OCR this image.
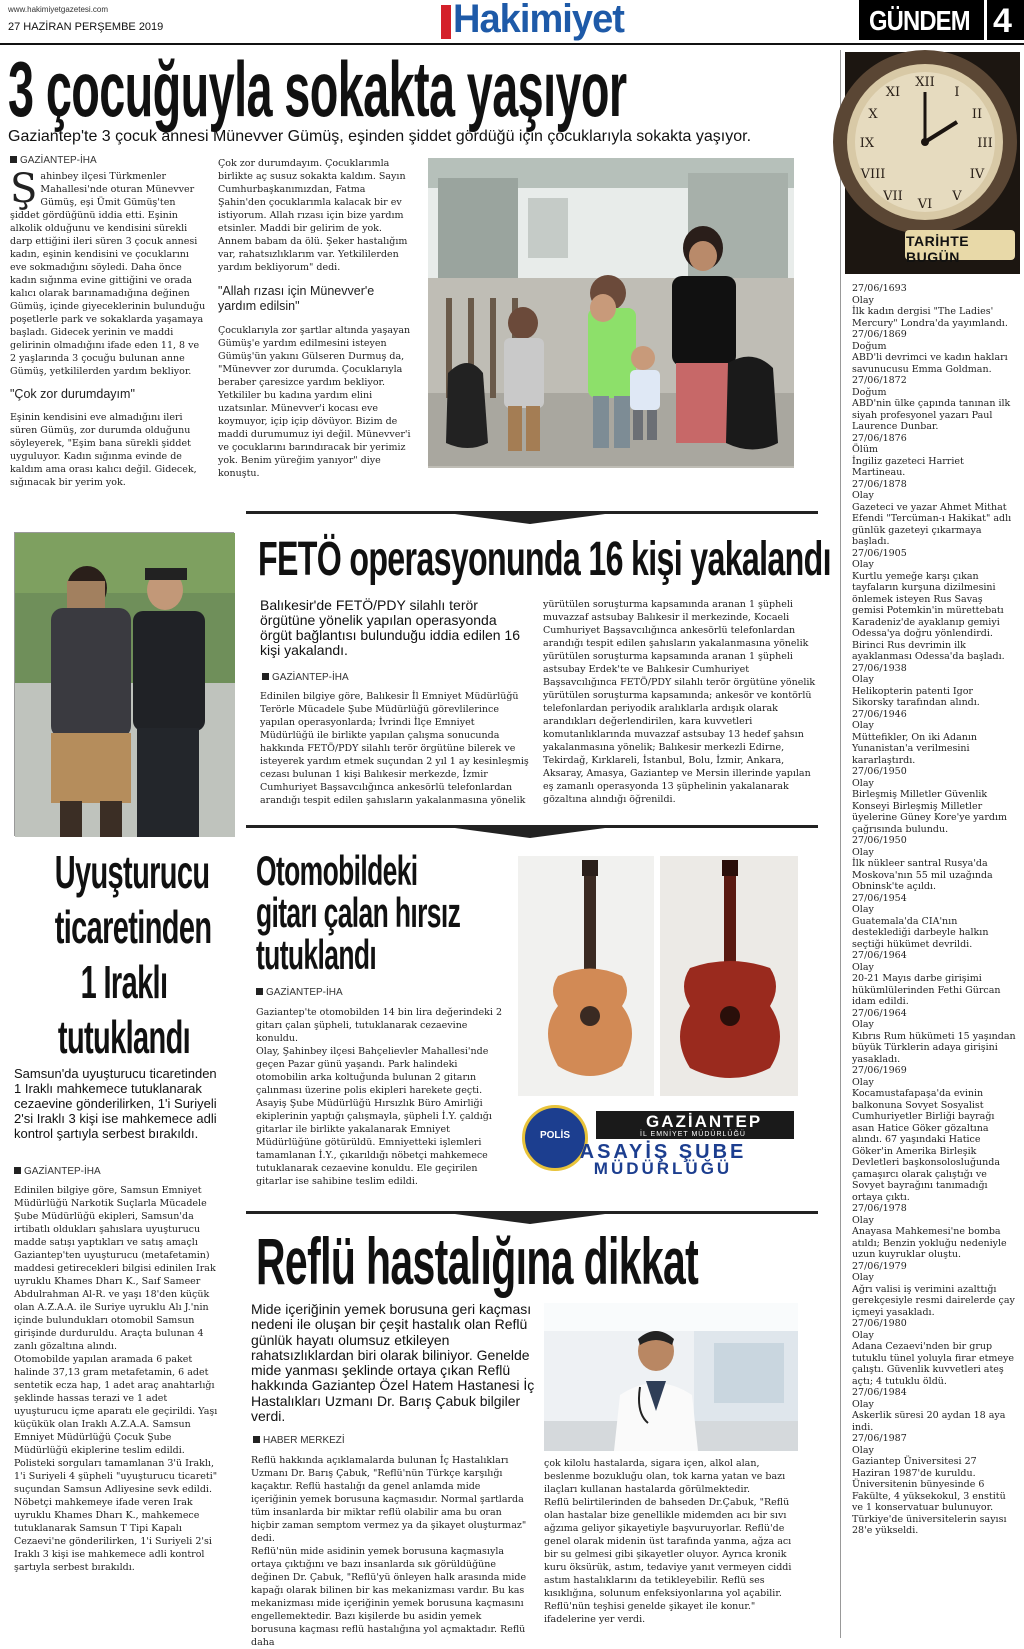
www.hakimiyetgazetesi.com
27 HAZİRAN PERŞEMBE 2019	Hakimiyet	GÜNDEM 4
3 çocuğuyla sokakta yaşıyor
Gaziantep'te 3 çocuk annesi Münevver Gümüş, eşinden şiddet gördüğü için çocuklarıyla sokakta yaşıyor.
GAZİANTEP-İHA
Ş ahinbey ilçesi Türkmenler Mahallesi'nde oturan Münevver Gümüş, eşi Ümit Gümüş'ten şiddet gördüğünü iddia etti. Eşinin alkolik olduğunu ve kendisini sürekli darp ettiğini ileri süren 3 çocuk annesi kadın, eşinin kendisini ve çocuklarını eve sokmadığını söyledi. Daha önce kadın sığınma evine gittiğini ve orada kalıcı olarak barınamadığına değinen Gümüş, içinde giyeceklerinin bulunduğu poşetlerle park ve sokaklarda yaşamaya başladı. Gidecek yerinin ve maddi gelirinin olmadığını ifade eden 11, 8 ve 2 yaşlarında 3 çocuğu bulunan anne Gümüş, yetkililerden yardım bekliyor.

"Çok zor durumdayım"

Eşinin kendisini eve almadığını ileri süren Gümüş, zor durumda olduğunu söyleyerek, "Eşim bana sürekli şiddet uyguluyor. Kadın sığınma evinde de kaldım ama orası kalıcı değil. Gidecek, sığınacak bir yerim yok.

Çok zor durumdayım. Çocuklarımla birlikte aç susuz sokakta kaldım. Sayın Cumhurbaşkanımızdan, Fatma Şahin'den çocuklarımla kalacak bir ev istiyorum. Allah rızası için bize yardım etsinler. Maddi bir gelirim de yok. Annem babam da ölü. Şeker hastalığım var, rahatsızlıklarım var. Yetkililerden yardım bekliyorum" dedi.

"Allah rızası için Münevver'e yardım edilsin"

Çocuklarıyla zor şartlar altında yaşayan Gümüş'e yardım edilmesini isteyen Gümüş'ün yakını Gülseren Durmuş da, "Münevver zor durumda. Çocuklarıyla beraber çaresizce yardım bekliyor. Yetkililer bu kadına yardım elini uzatsınlar. Münevver'i kocası eve koymuyor, içip içip dövüyor. Bizim de maddi durumumuz iyi değil. Münevver'i ve çocuklarını barındıracak bir yerimiz yok. Benim yüreğim yanıyor" diye konuştu.

FETÖ operasyonunda 16 kişi yakalandı
Balıkesir'de FETÖ/PDY silahlı terör örgütüne yönelik yapılan operasyonda örgüt bağlantısı bulunduğu iddia edilen 16 kişi yakalandı.
GAZİANTEP-İHA
Edinilen bilgiye göre, Balıkesir İl Emniyet Müdürlüğü Terörle Mücadele Şube Müdürlüğü görevlilerince yapılan operasyonlarda; İvrindi İlçe Emniyet Müdürlüğü ile birlikte yapılan çalışma sonucunda hakkında FETÖ/PDY silahlı terör örgütüne bilerek ve isteyerek yardım etmek suçundan 2 yıl 1 ay kesinleşmiş cezası bulunan 1 kişi Balıkesir merkezde, İzmir Cumhuriyet Başsavcılığınca ankesörlü telefonlardan arandığı tespit edilen şahısların yakalanmasına yönelik
yürütülen soruşturma kapsamında aranan 1 şüpheli muvazzaf astsubay Balıkesir il merkezinde, Kocaeli Cumhuriyet Başsavcılığınca ankesörlü telefonlardan arandığı tespit edilen şahısların yakalanmasına yönelik yürütülen soruşturma kapsamında aranan 1 şüpheli astsubay Erdek'te ve Balıkesir Cumhuriyet Başsavcılığınca FETÖ/PDY silahlı terör örgütüne yönelik yürütülen soruşturma kapsamında; ankesör ve kontörlü telefonlardan periyodik aralıklarla ardışık olarak arandıkları değerlendirilen, kara kuvvetleri komutanlıklarında muvazzaf astsubay 13 hedef şahsın yakalanmasına yönelik; Balıkesir merkezli Edirne, Tekirdağ, Kırklareli, İstanbul, Bolu, İzmir, Ankara, Aksaray, Amasya, Gaziantep ve Mersin illerinde yapılan eş zamanlı operasyonda 13 şüphelinin yakalanarak gözaltına alındığı öğrenildi.
Uyuşturucu
ticaretinden
1 Iraklı
tutuklandı
Samsun'da uyuşturucu ticaretinden 1 Iraklı mahkemece tutuklanarak cezaevine gönderilirken, 1'i Suriyeli 2'si Iraklı 3 kişi ise mahkemece adli kontrol şartıyla serbest bırakıldı.
GAZİANTEP-İHA

Edinilen bilgiye göre, Samsun Emniyet Müdürlüğü Narkotik Suçlarla Mücadele Şube Müdürlüğü ekipleri, Samsun'da irtibatlı oldukları şahıslara uyuşturucu madde satışı yaptıkları ve satış amaçlı Gaziantep'ten uyuşturucu (metafetamin) maddesi getirecekleri bilgisi edinilen Irak uyruklu Khames Dharı K., Saıf Sameer Abdulrahman Al-R. ve yaşı 18'den küçük olan A.Z.A.A. ile Suriye uyruklu Alı J.'nin içinde bulundukları otomobil Samsun girişinde durduruldu. Araçta bulunan 4 zanlı gözaltına alındı.

Otomobilde yapılan aramada 6 paket halinde 37,13 gram metafetamin, 6 adet sentetik ecza hap, 1 adet araç anahtarlığı şeklinde hassas terazi ve 1 adet uyuşturucu içme aparatı ele geçirildi. Yaşı küçükük olan Iraklı A.Z.A.A. Samsun Emniyet Müdürlüğü Çocuk Şube Müdürlüğü ekiplerine teslim edildi. Polisteki sorguları tamamlanan 3'ü Iraklı, 1'i Suriyeli 4 şüpheli "uyuşturucu ticareti" suçundan Samsun Adliyesine sevk edildi. Nöbetçi mahkemeye ifade veren Irak uyruklu Khames Dharı K., mahkemece tutuklanarak Samsun T Tipi Kapalı Cezaevi'ne gönderilirken, 1'i Suriyeli 2'si Iraklı 3 kişi ise mahkemece adli kontrol şartıyla serbest bırakıldı.

Otomobildeki
gitarı çalan hırsız
tutuklandı
GAZİANTEP-İHA

Gaziantep'te otomobilden 14 bin lira değerindeki 2 gitarı çalan şüpheli, tutuklanarak cezaevine konuldu.

Olay, Şahinbey ilçesi Bahçelievler Mahallesi'nde geçen Pazar günü yaşandı. Park halindeki otomobilin arka koltuğunda bulunan 2 gitarın çalınması üzerine polis ekipleri harekete geçti. Asayiş Şube Müdürlüğü Hırsızlık Büro Amirliği ekiplerinin yaptığı çalışmayla, şüpheli İ.Y. çaldığı gitarlar ile birlikte yakalanarak Emniyet Müdürlüğüne götürüldü. Emniyetteki işlemleri tamamlanan İ.Y., çıkarıldığı nöbetçi mahkemece tutuklanarak cezaevine konuldu. Ele geçirilen gitarlar ise sahibine teslim edildi.

POLİS
GAZİANTEP
İL EMNİYET MÜDÜRLÜĞÜ
ASAYİŞ ŞUBE
MÜDÜRLÜĞÜ
Reflü hastalığına dikkat
Mide içeriğinin yemek borusuna geri kaçması nedeni ile oluşan bir çeşit hastalık olan Reflü günlük hayatı olumsuz etkileyen rahatsızlıklardan biri olarak biliniyor. Genelde mide yanması şeklinde ortaya çıkan Reflü hakkında Gaziantep Özel Hatem Hastanesi İç Hastalıkları Uzmanı Dr. Barış Çabuk bilgiler verdi.
HABER MERKEZİ

Reflü hakkında açıklamalarda bulunan İç Hastalıkları Uzmanı Dr. Barış Çabuk, "Reflü'nün Türkçe karşılığı kaçaktır. Reflü hastalığı da genel anlamda mide içeriğinin yemek borusuna kaçmasıdır. Normal şartlarda tüm insanlarda bir miktar reflü olabilir ama bu oran hiçbir zaman semptom vermez ya da şikayet oluşturmaz" dedi.

Reflü'nün mide asidinin yemek borusuna kaçmasıyla ortaya çıktığını ve bazı insanlarda sık görüldüğüne değinen Dr. Çabuk, "Reflü'yü önleyen halk arasında mide kapağı olarak bilinen bir kas mekanizması vardır. Bu kas mekanizması mide içeriğinin yemek borusuna kaçmasını engellemektedir. Bazı kişilerde bu asidin yemek borusuna kaçması reflü hastalığına yol açmaktadır. Reflü daha

çok kilolu hastalarda, sigara içen, alkol alan, beslenme bozukluğu olan, tok karna yatan ve bazı ilaçları kullanan hastalarda görülmektedir.

Reflü belirtilerinden de bahseden Dr.Çabuk, "Reflü olan hastalar bize genellikle midemden acı bir sıvı ağzıma geliyor şikayetiyle başvuruyorlar. Reflü'de genel olarak midenin üst tarafında yanma, ağza acı bir su gelmesi gibi şikayetler oluyor. Ayrıca kronik kuru öksürük, astım, tedaviye yanıt vermeyen ciddi astım hastalıklarını da tetikleyebilir. Reflü ses kısıklığına, solunum enfeksiyonlarına yol açabilir. Reflü'nün teşhisi genelde şikayet ile konur." ifadelerine yer verdi.

XII
III
VI
IX
I
II
IV
V
VII
VIII
X
XI
TARİHTE BUGÜN
27/06/1693
Olay
İlk kadın dergisi "The Ladies' Mercury" Londra'da yayımlandı.
27/06/1869
Doğum
ABD'li devrimci ve kadın hakları savunucusu Emma Goldman.
27/06/1872
Doğum
ABD'nin ülke çapında tanınan ilk siyah profesyonel yazarı Paul Laurence Dunbar.
27/06/1876
Ölüm
İngiliz gazeteci Harriet Martineau.
27/06/1878
Olay
Gazeteci ve yazar Ahmet Mithat Efendi "Tercüman-ı Hakikat" adlı günlük gazeteyi çıkarmaya başladı.
27/06/1905
Olay
Kurtlu yemeğe karşı çıkan tayfaların kurşuna dizilmesini önlemek isteyen Rus Savaş gemisi Potemkin'in mürettebatı Karadeniz'de ayaklanıp gemiyi Odessa'ya doğru yönlendirdi. Birinci Rus devrimin ilk ayaklanması Odessa'da başladı.
27/06/1938
Olay
Helikopterin patenti Igor Sikorsky tarafından alındı.
27/06/1946
Olay
Müttefikler, On iki Adanın Yunanistan'a verilmesini kararlaştırdı.
27/06/1950
Olay
Birleşmiş Milletler Güvenlik Konseyi Birleşmiş Milletler üyelerine Güney Kore'ye yardım çağrısında bulundu.
27/06/1950
Olay
İlk nükleer santral Rusya'da Moskova'nın 55 mil uzağında Obninsk'te açıldı.
27/06/1954
Olay
Guatemala'da CIA'nın desteklediği darbeyle halkın seçtiği hükümet devrildi.
27/06/1964
Olay
20-21 Mayıs darbe girişimi hükümlülerinden Fethi Gürcan idam edildi.
27/06/1964
Olay
Kıbrıs Rum hükümeti 15 yaşından büyük Türklerin adaya girişini yasakladı.
27/06/1969
Olay
Kocamustafapaşa'da evinin balkonuna Sovyet Sosyalist Cumhuriyetler Birliği bayrağı asan Hatice Göker gözaltına alındı. 67 yaşındaki Hatice Göker'in Amerika Birleşik Devletleri başkonsolosluğunda çamaşırcı olarak çalıştığı ve Sovyet bayrağını tanımadığı ortaya çıktı.
27/06/1978
Olay
Anayasa Mahkemesi'ne bomba atıldı; Benzin yokluğu nedeniyle uzun kuyruklar oluştu.
27/06/1979
Olay
Ağrı valisi iş verimini azalttığı gerekçesiyle resmi dairelerde çay içmeyi yasakladı.
27/06/1980
Olay
Adana Cezaevi'nden bir grup tutuklu tünel yoluyla firar etmeye çalıştı. Güvenlik kuvvetleri ateş açtı; 4 tutuklu öldü.
27/06/1984
Olay
Askerlik süresi 20 aydan 18 aya indi.
27/06/1987
Olay
Gaziantep Üniversitesi 27 Haziran 1987'de kuruldu. Üniversitenin bünyesinde 6 Fakülte, 4 yüksekokul, 3 enstitü ve 1 konservatuar bulunuyor. Türkiye'de üniversitelerin sayısı 28'e yükseldi.
